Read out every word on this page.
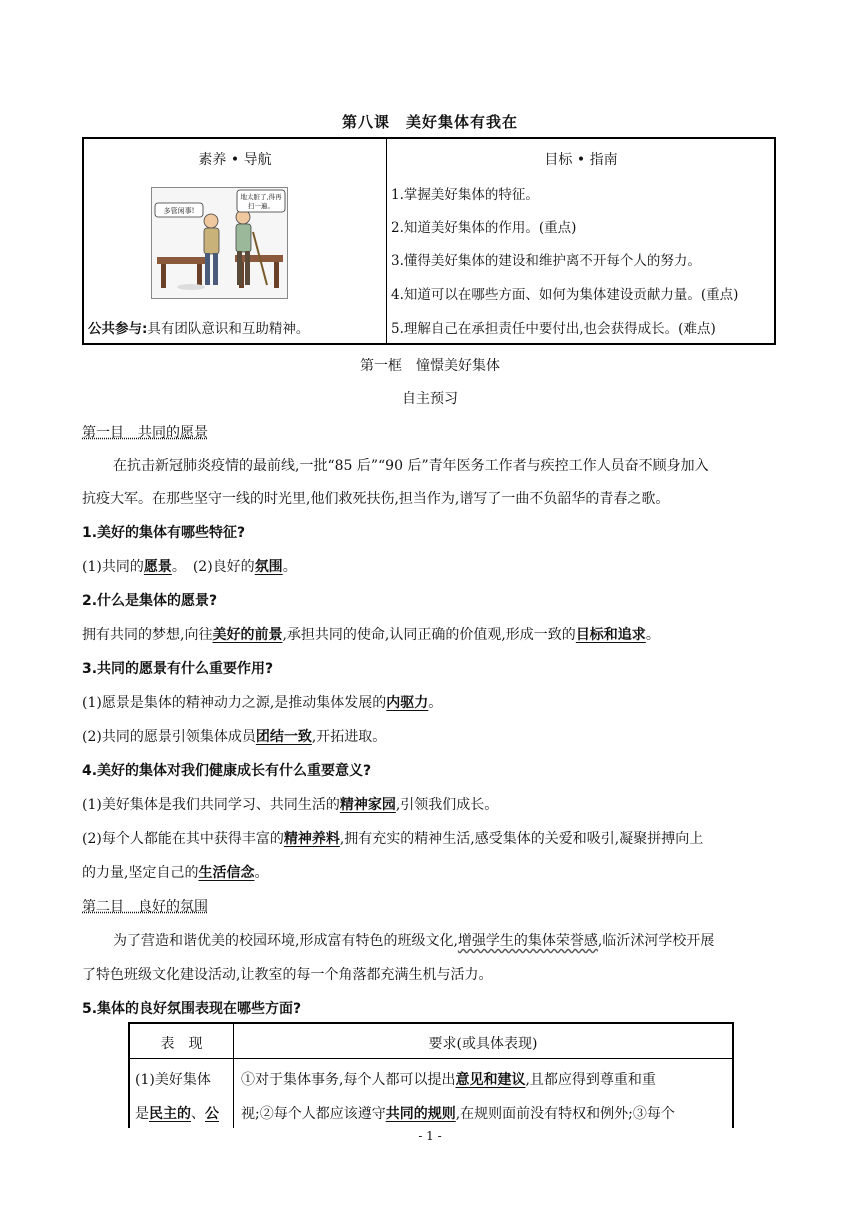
第八课　美好集体有我在
素养 • 导航	目标 • 指南
多管闲事!
地太脏了,得再
扫一遍。
公共参与:具有团队意识和互助精神。
1.掌握美好集体的特征。
2.知道美好集体的作用。(重点)
3.懂得美好集体的建设和维护离不开每个人的努力。
4.知道可以在哪些方面、如何为集体建设贡献力量。(重点)
5.理解自己在承担责任中要付出,也会获得成长。(难点)
第一框　憧憬美好集体
自主预习
第一目　共同的愿景
在抗击新冠肺炎疫情的最前线,一批“85 后”“90 后”青年医务工作者与疾控工作人员奋不顾身加入
抗疫大军。在那些坚守一线的时光里,他们救死扶伤,担当作为,谱写了一曲不负韶华的青春之歌。
1.美好的集体有哪些特征?
(1)共同的愿景。　(2)良好的氛围。
2.什么是集体的愿景?
拥有共同的梦想,向往美好的前景,承担共同的使命,认同正确的价值观,形成一致的目标和追求。
3.共同的愿景有什么重要作用?
(1)愿景是集体的精神动力之源,是推动集体发展的内驱力。
(2)共同的愿景引领集体成员团结一致,开拓进取。
4.美好的集体对我们健康成长有什么重要意义?
(1)美好集体是我们共同学习、共同生活的精神家园,引领我们成长。
(2)每个人都能在其中获得丰富的精神养料,拥有充实的精神生活,感受集体的关爱和吸引,凝聚拼搏向上
的力量,坚定自己的生活信念。
第二目　良好的氛围
为了营造和谐优美的校园环境,形成富有特色的班级文化,增强学生的集体荣誉感,临沂沭河学校开展
了特色班级文化建设活动,让教室的每一个角落都充满生机与活力。
5.集体的良好氛围表现在哪些方面?
表　现	要求(或具体表现)
(1)美好集体
是民主的、公
①对于集体事务,每个人都可以提出意见和建议,且都应得到尊重和重
视;②每个人都应该遵守共同的规则,在规则面前没有特权和例外;③每个
- 1 -
